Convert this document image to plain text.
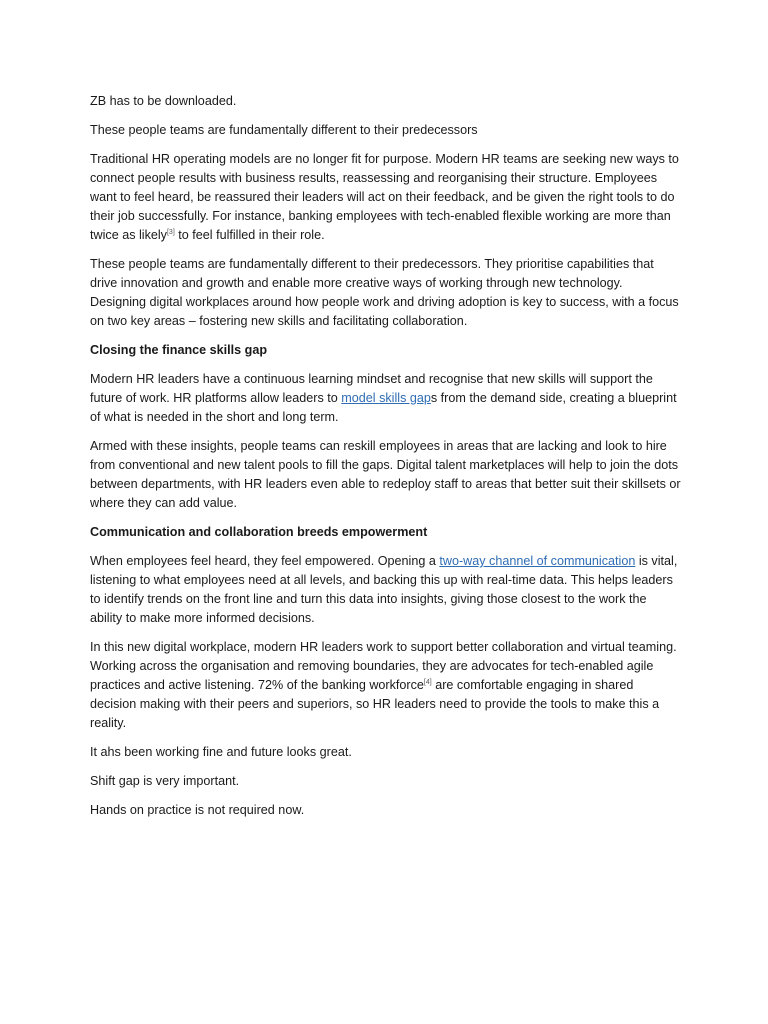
ZB has to be downloaded.

These people teams are fundamentally different to their predecessors

Traditional HR operating models are no longer fit for purpose. Modern HR teams are seeking new ways to connect people results with business results, reassessing and reorganising their structure. Employees want to feel heard, be reassured their leaders will act on their feedback, and be given the right tools to do their job successfully. For instance, banking employees with tech-enabled flexible working are more than twice as likely[3] to feel fulfilled in their role.

These people teams are fundamentally different to their predecessors. They prioritise capabilities that drive innovation and growth and enable more creative ways of working through new technology. Designing digital workplaces around how people work and driving adoption is key to success, with a focus on two key areas – fostering new skills and facilitating collaboration.

Closing the finance skills gap

Modern HR leaders have a continuous learning mindset and recognise that new skills will support the future of work. HR platforms allow leaders to model skills gaps from the demand side, creating a blueprint of what is needed in the short and long term.

Armed with these insights, people teams can reskill employees in areas that are lacking and look to hire from conventional and new talent pools to fill the gaps. Digital talent marketplaces will help to join the dots between departments, with HR leaders even able to redeploy staff to areas that better suit their skillsets or where they can add value.

Communication and collaboration breeds empowerment

When employees feel heard, they feel empowered. Opening a two-way channel of communication is vital, listening to what employees need at all levels, and backing this up with real-time data. This helps leaders to identify trends on the front line and turn this data into insights, giving those closest to the work the ability to make more informed decisions.

In this new digital workplace, modern HR leaders work to support better collaboration and virtual teaming. Working across the organisation and removing boundaries, they are advocates for tech-enabled agile practices and active listening. 72% of the banking workforce[4] are comfortable engaging in shared decision making with their peers and superiors, so HR leaders need to provide the tools to make this a reality.

It ahs been working fine and future looks great.

Shift gap is very important.

Hands on practice is not required now.
